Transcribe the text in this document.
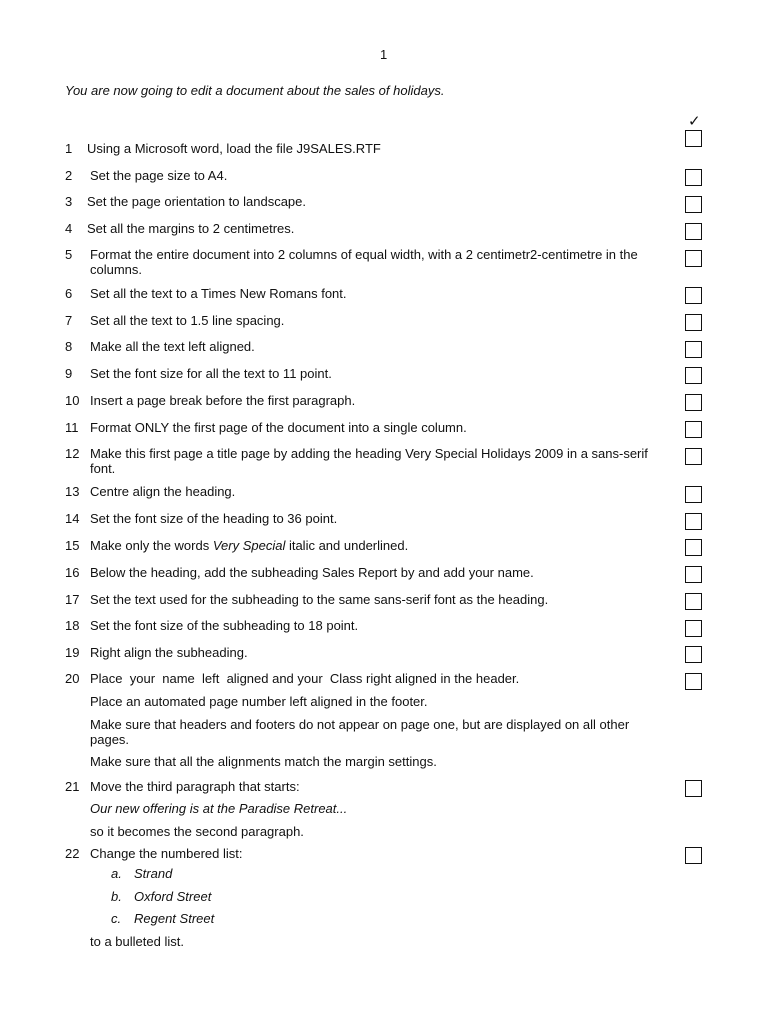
1
You are now going to edit a document about the sales of holidays.
✓
1 Using a Microsoft word, load the file J9SALES.RTF
2 Set the page size to A4.
3 Set the page orientation to landscape.
4 Set all the margins to 2 centimetres.
5 Format the entire document into 2 columns of equal width, with a 2 centimetr2-centimetre in the columns.
6 Set all the text to a Times New Romans font.
7 Set all the text to 1.5 line spacing.
8 Make all the text left aligned.
9 Set the font size for all the text to 11 point.
10 Insert a page break before the first paragraph.
11 Format ONLY the first page of the document into a single column.
12 Make this first page a title page by adding the heading Very Special Holidays 2009 in a sans-serif font.
13 Centre align the heading.
14 Set the font size of the heading to 36 point.
15 Make only the words Very Special italic and underlined.
16 Below the heading, add the subheading Sales Report by and add your name.
17 Set the text used for the subheading to the same sans-serif font as the heading.
18 Set the font size of the subheading to 18 point.
19 Right align the subheading.
20 Place  your  name  left  aligned and your  Class right aligned in the header.
Place an automated page number left aligned in the footer.
Make sure that headers and footers do not appear on page one, but are displayed on all other pages.
Make sure that all the alignments match the margin settings.
21 Move the third paragraph that starts:
Our new offering is at the Paradise Retreat...
so it becomes the second paragraph.
22 Change the numbered list:
a. Strand
b. Oxford Street
c. Regent Street
to a bulleted list.
